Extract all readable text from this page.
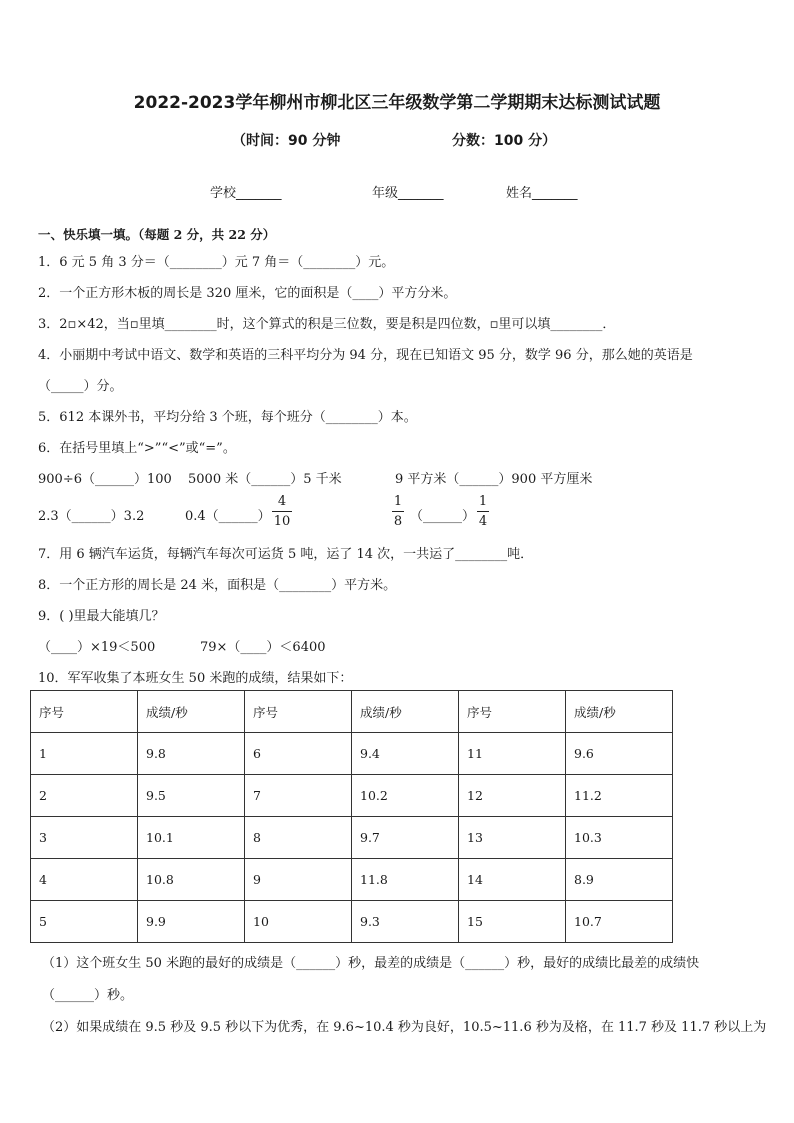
2022-2023学年柳州市柳北区三年级数学第二学期期末达标测试试题
（时间：90 分钟	分数：100 分）
学校_______	年级_______	姓名_______
一、快乐填一填。（每题 2 分，共 22 分）
1．6 元 5 角 3 分＝（________）元 7 角＝（________）元。
2．一个正方形木板的周长是 320 厘米，它的面积是（____）平方分米。
3．2▫×42，当▫里填________时，这个算式的积是三位数，要是积是四位数，▫里可以填________．
4．小丽期中考试中语文、数学和英语的三科平均分为 94 分，现在已知语文 95 分，数学 96 分，那么她的英语是
（_____）分。
5．612 本课外书，平均分给 3 个班，每个班分（________）本。
6．在括号里填上“>”“<”或“=”。
900÷6（______）100 5000 米（______）5 千米	9 平方米（______）900 平方厘米
2.3（______）3.2	0.4（______）
4
10
1
8 （______）
1
4
7．用 6 辆汽车运货，每辆汽车每次可运货 5 吨，运了 14 次，一共运了________吨．
8．一个正方形的周长是 24 米，面积是（________）平方米。
9．( )里最大能填几？
（____）×19＜500	79×（____）＜6400
10．军军收集了本班女生 50 米跑的成绩，结果如下：
序号	成绩/秒	序号	成绩/秒	序号	成绩/秒
1	9.8	6	9.4	11	9.6
2	9.5	7	10.2	12	11.2
3	10.1	8	9.7	13	10.3
4	10.8	9	11.8	14	8.9
5	9.9	10	9.3	15	10.7
（1）这个班女生 50 米跑的最好的成绩是（______）秒，最差的成绩是（______）秒，最好的成绩比最差的成绩快
（______）秒。
（2）如果成绩在 9.5 秒及 9.5 秒以下为优秀，在 9.6~10.4 秒为良好，10.5~11.6 秒为及格，在 11.7 秒及 11.7 秒以上为
